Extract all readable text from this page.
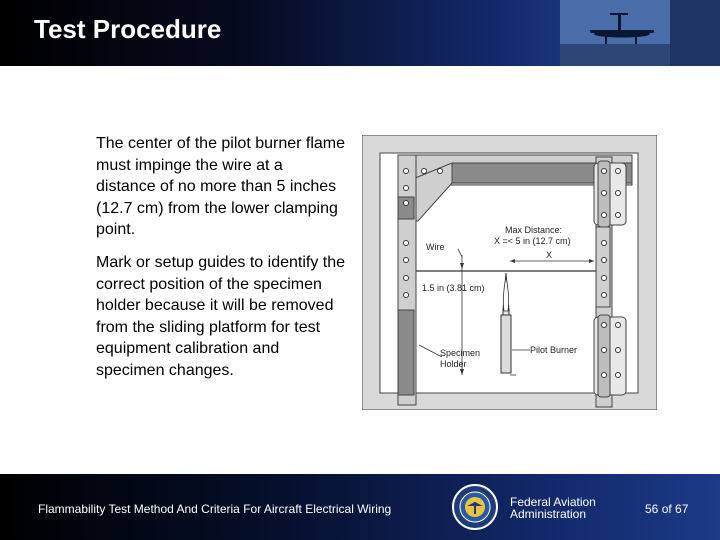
Test Procedure
The center of the pilot burner flame must impinge the wire at a distance of no more than 5 inches (12.7 cm) from the lower clamping point.
Mark or setup guides to identify the correct position of the specimen holder because it will be removed from the sliding platform for test equipment calibration and specimen changes.
Max Distance:
X =< 5 in (12.7 cm)
X
Wire
1.5 in (3.81 cm)
Specimen
Holder
Pilot Burner
Flammability Test Method And Criteria For Aircraft Electrical Wiring	Federal Aviation
Administration	56 of 67
